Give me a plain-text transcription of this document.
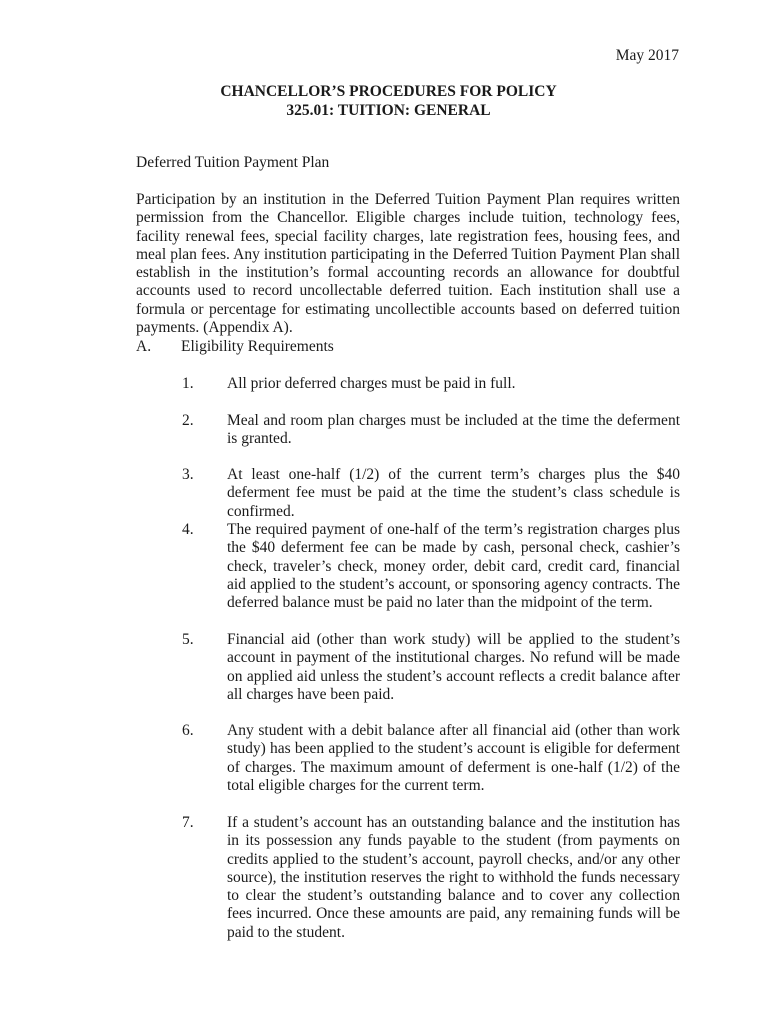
May 2017
CHANCELLOR’S PROCEDURES FOR POLICY
325.01: TUITION: GENERAL
Deferred Tuition Payment Plan
Participation by an institution in the Deferred Tuition Payment Plan requires written permission from the Chancellor. Eligible charges include tuition, technology fees, facility renewal fees, special facility charges, late registration fees, housing fees, and meal plan fees. Any institution participating in the Deferred Tuition Payment Plan shall establish in the institution’s formal accounting records an allowance for doubtful accounts used to record uncollectable deferred tuition. Each institution shall use a formula or percentage for estimating uncollectible accounts based on deferred tuition payments. (Appendix A).
A. Eligibility Requirements
1. All prior deferred charges must be paid in full.
2. Meal and room plan charges must be included at the time the deferment is granted.
3. At least one-half (1/2) of the current term’s charges plus the $40 deferment fee must be paid at the time the student’s class schedule is confirmed.
4. The required payment of one-half of the term’s registration charges plus the $40 deferment fee can be made by cash, personal check, cashier’s check, traveler’s check, money order, debit card, credit card, financial aid applied to the student’s account, or sponsoring agency contracts. The deferred balance must be paid no later than the midpoint of the term.
5. Financial aid (other than work study) will be applied to the student’s account in payment of the institutional charges. No refund will be made on applied aid unless the student’s account reflects a credit balance after all charges have been paid.
6. Any student with a debit balance after all financial aid (other than work study) has been applied to the student’s account is eligible for deferment of charges. The maximum amount of deferment is one-half (1/2) of the total eligible charges for the current term.
7. If a student’s account has an outstanding balance and the institution has in its possession any funds payable to the student (from payments on credits applied to the student’s account, payroll checks, and/or any other source), the institution reserves the right to withhold the funds necessary to clear the student’s outstanding balance and to cover any collection fees incurred. Once these amounts are paid, any remaining funds will be paid to the student.
